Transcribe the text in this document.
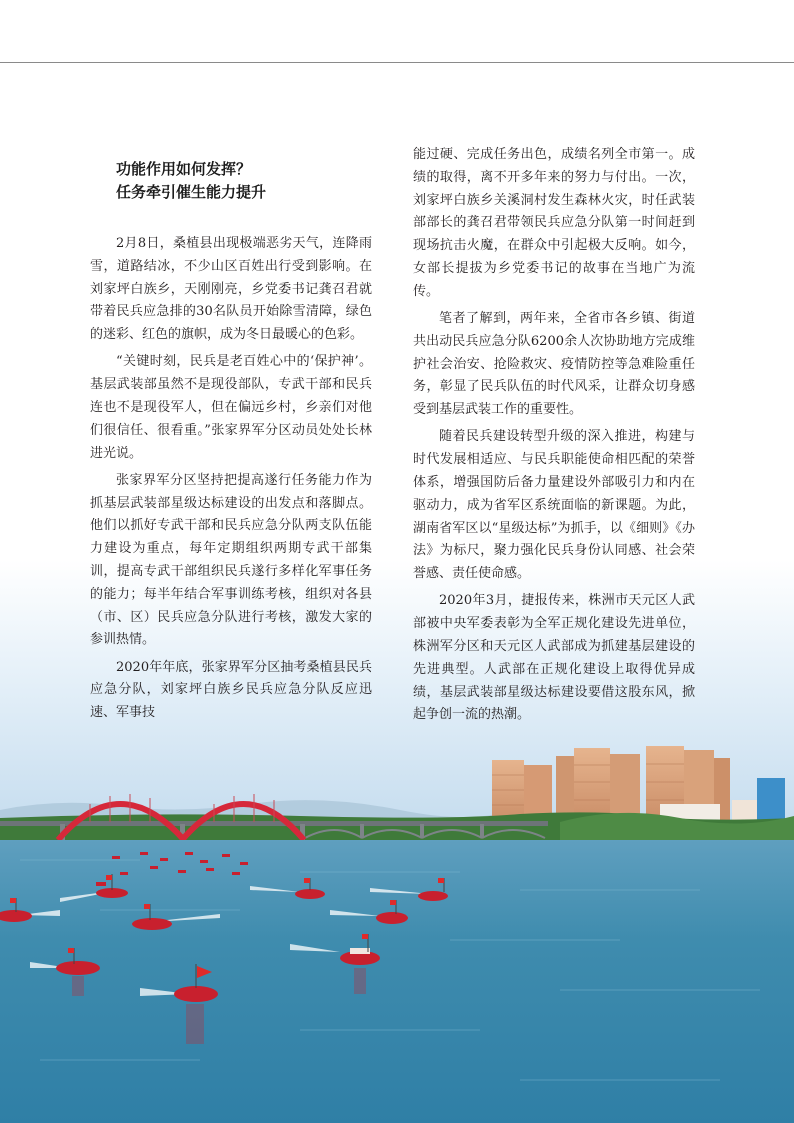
功能作用如何发挥？
任务牵引催生能力提升

2月8日，桑植县出现极端恶劣天气，连降雨雪，道路结冰，不少山区百姓出行受到影响。在刘家坪白族乡，天刚刚亮，乡党委书记龚召君就带着民兵应急排的30名队员开始除雪清障，绿色的迷彩、红色的旗帜，成为冬日最暖心的色彩。

“关键时刻，民兵是老百姓心中的‘保护神’。基层武装部虽然不是现役部队，专武干部和民兵连也不是现役军人，但在偏远乡村，乡亲们对他们很信任、很看重。”张家界军分区动员处处长林进光说。

张家界军分区坚持把提高遂行任务能力作为抓基层武装部星级达标建设的出发点和落脚点。他们以抓好专武干部和民兵应急分队两支队伍能力建设为重点，每年定期组织两期专武干部集训，提高专武干部组织民兵遂行多样化军事任务的能力；每半年结合军事训练考核，组织对各县（市、区）民兵应急分队进行考核，激发大家的参训热情。

2020年年底，张家界军分区抽考桑植县民兵应急分队，刘家坪白族乡民兵应急分队反应迅速、军事技

能过硬、完成任务出色，成绩名列全市第一。成绩的取得，离不开多年来的努力与付出。一次，刘家坪白族乡关溪洞村发生森林火灾，时任武装部部长的龚召君带领民兵应急分队第一时间赶到现场抗击火魔，在群众中引起极大反响。如今，女部长提拔为乡党委书记的故事在当地广为流传。

笔者了解到，两年来，全省市各乡镇、街道共出动民兵应急分队6200余人次协助地方完成维护社会治安、抢险救灾、疫情防控等急难险重任务，彰显了民兵队伍的时代风采，让群众切身感受到基层武装工作的重要性。

随着民兵建设转型升级的深入推进，构建与时代发展相适应、与民兵职能使命相匹配的荣誉体系，增强国防后备力量建设外部吸引力和内在驱动力，成为省军区系统面临的新课题。为此，湖南省军区以“星级达标”为抓手，以《细则》《办法》为标尺，聚力强化民兵身份认同感、社会荣誉感、责任使命感。

2020年3月，捷报传来，株洲市天元区人武部被中央军委表彰为全军正规化建设先进单位，株洲军分区和天元区人武部成为抓建基层建设的先进典型。人武部在正规化建设上取得优异成绩，基层武装部星级达标建设要借这股东风，掀起争创一流的热潮。
